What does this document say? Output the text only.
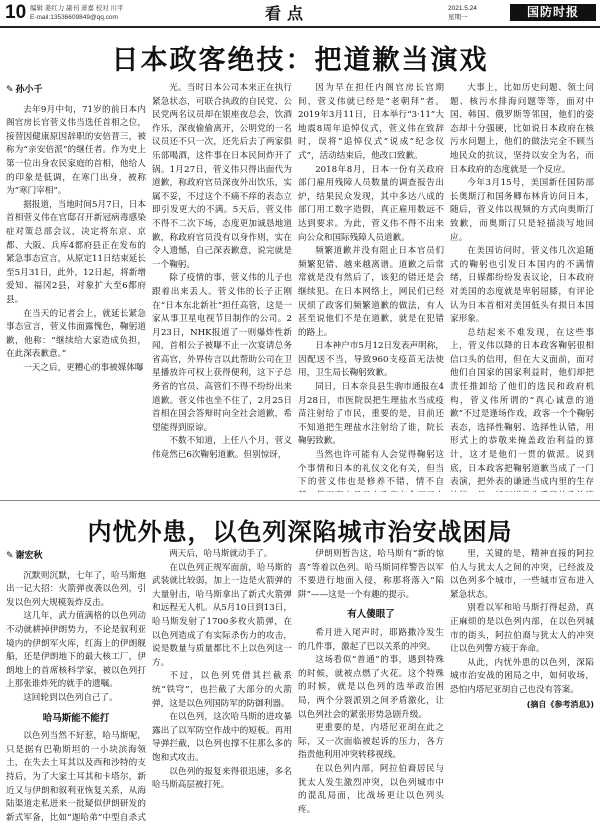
10 编辑 姜红力 副刊 萧嘉 校对 川平
E-mail:13536609849@qq.com	看点	2021.5.24
星期一	国防时报
日本政客绝技：把道歉当演戏

✎ 孙小千

去年9月中旬，71岁的前日本内阁官房长官菅义伟当选任首相之位，接替因健康原因辞职的安倍晋三，被称为“亲安倍派”的继任者。作为史上第一位出身农民家庭的首相，他给人的印象是低调，在寒门出身，被称为“寒门宰相”。

据报道，当地时间5月7日，日本首相菅义伟在官邸召开新冠病毒感染症对策总部会议，决定将东京、京都、大阪、兵库4都府县正在发布的紧急事态宣言，从原定11日结束延长至5月31日，此外，12日起，将新增爱知、福冈2县，对象扩大至6都府县。

在当天的记者会上，就延长紧急事态宣言，菅义伟面露愧色，鞠躬道歉，他称：“继续给大家造成负担，在此深表歉意。”

一天之后，更糟心的事被媒体曝

光。当时日本公司本来正在执行紧急状态，可联合执政的自民党、公民党两名议员却在银座夜总会，饮酒作乐，深夜偷偷离开，公明党的一名议员还不只一次，还先后去了两家俱乐部喝酒，这件事在日本民间炸开了锅。1月27日，菅义伟只得出面代为道歉，称政府官员深夜外出饮乐，实属不妥，不过这个不痛不痒的表态立即引发更大的不满。5天后，菅义伟不得不二次下场，态度更加诚恳地道歉，称政府官员没有以身作则，实在令人遗憾，自己深表歉意，说完就是一个鞠躬。

除了疫情的事，菅义伟的儿子也跟着出来丢人。菅义伟的长子正刚在“日本东北新社”担任高管，这是一家从事卫星电视节目制作的公司。2月23日，NHK报道了一则爆炸性新闻，首相公子被曝不止一次宴请总务省高官，外界传言以此帮助公司在卫星播放许可权上获得便利，这下子总务省的官员、高管们不得不纷纷出来道歉。菅义伟也坐不住了，2月25日首相在国会答辩时向全社会道歉，希望能得到原谅。

不数不知道，上任八个月，菅义伟竟然已6次鞠躬道歉。但别惊讶，

因为早在担任内阁官房长官期间，菅义伟就已经是“老朝拜”者。2019年3月11日，日本举行“3·11”大地震8周年追悼仪式，菅义伟在致辞时，误将“追悼仪式”说成“纪念仪式”，活动结束后，他改口致歉。

2018年8月，日本一份有关政府部门雇用残障人员数量的调查报告出炉，结果民众发现，其中多达八成的部门用工数字造假，真正雇用数远不达到要求。为此，菅义伟不得不出来向公众和国际残障人员道歉。

频繁道歉并没有阻止日本官员们频繁犯错、越来越离谱。道歉之后常常就是没有然后了，该犯的错还是会继续犯。在日本网络上，网民们已经厌烦了政客们频繁道歉的做法，有人甚至说他们不是在道歉，就是在犯错的路上。

日本神户市5月12日发表声明称，因配送不当，导致960支疫苗无法使用，卫生局长鞠躬致歉。

同日，日本奈良县生驹市通报在4月28日，市医院误把生理盐水当成疫苗注射给了市民，重要的是，目前还不知道把生理盐水注射给了谁，院长鞠躬致歉。

当然也许可能有人会觉得鞠躬这个事情和日本的礼仪文化有关，但当下的菅义伟也是修养不错，情不自

大事上，比如历史问题、领土问题、核污水排海问题等等，面对中国、韩国、俄罗斯等邻国，他们的姿态却十分强硬，比如说日本政府在核污水问题上，他们的做法完全不顾当地民众的抗议，坚持以安全为名，而日本政府的态度就是一个反应。

今年3月15号，美国新任国防部长奥斯汀和国务卿布林肯访问日本，随后，菅义伟以视频的方式向奥斯汀致歉，而奥斯汀只是轻描淡写地回应。

在美国访问时，菅义伟几次追随式的鞠躬也引发日本国内的不满情绪，日媒都纷纷发表议论，日本政府对美国的态度就是卑躬屈膝，有评论认为日本首相对美国低头有损日本国家形象。

总结起来不难发现，在这些事上，菅义伟以降的日本政客鞠躬很相信口头的信用，但在大义面前，面对他们自国家的国家利益时，他们却把责任推卸给了他们的选民和政府机构，菅义伟所谓的“真心诚意的道歉”不过是逢场作戏，政客一个个鞠躬表态，选择性鞠躬、选择性认错，用形式上的恭敬来掩盖政治利益的算计，这才是他们一贯的做派。说到底，日本政客把鞠躬道歉当成了一门表演，把外表的谦逊当成内里的生存

内忧外患，以色列深陷城市治安战困局

✎ 谢宏秋

沉默则沉默，七年了，哈马斯炮出一记大招：火箭弹夜袭以色列，引发以色列大规模轰炸反击。

这几年，武力值满格的以色列动不动就耕掉伊朗势力，不论是叙利亚境内的伊朗军火库，红海上的伊朗舰船，还是伊朗地下的最大核工厂，伊朗地上的首席核科学家，被以色列打上那张谁炸死的就手的遗嘱。

这回轮到以色列自己了。

哈马斯能不能打

以色列当然不好惹，哈马斯呢，只是据有巴勒斯坦的一小块滨海领土，在失去土耳其以及西和沙特的支持后，为了大家土耳其和卡塔尔，新近又与伊朗和叙利亚恢复关系，从海陆渠道走私进来一批疑似伊朗研发的新式军备，比如“迦哈弟”中型自杀式

两天后，哈马斯就动手了。

在以色列正规军面前，哈马斯的武装就比较弱，加上一边是火箭弹的大量射击，哈马斯拿出了新式火箭弹和远程无人机。从5月10日到13日，哈马斯发射了1700多枚火箭弹，在以色列造成了有实际杀伤力的攻击，说是数量与质量都比不上以色列这一方。

不过，以色列凭借其拦截系统“铁穹”，也拦截了大部分的火箭弹，这是以色列国防军的防御利器。

在以色列，这次哈马斯的进攻暴露出了以军防空作战中的短板。再用导弹拦截，以色列也撑不住那么多的饱和式攻击。

以色列的报复来得很迅速，多名哈马斯高层被打死。

伊朗则暂告这，哈马斯有“新的惊喜”等着以色列。哈马斯同样警告以军不要进行地面入侵，称那将落入“陷阱”——这是一个有趣的提示。

有人傻眼了

希月进入尾声时，耶路撒冷发生的几件事，激起了巴以关系的冲突。

这场看似“普通”的事，遇到特殊的时候，就被点燃了火花。这个特殊的时候，就是以色列的选举政治困局，两个分裂派别之间矛盾激化，让以色列社会的紧张形势急剧升级。

更重要的是，内塔尼亚胡在此之际，又一次面临被起诉的压力，各方指责他利用冲突转移视线。

在以色列内部，阿拉伯裔居民与犹太人发生激烈冲突，以色列城市中的混乱局面，比战场更让以色列头疼。

里，关键的是，精神直接的阿拉伯人与犹太人之间的冲突，已经波及以色列多个城市，一些城市宣布进入紧急状态。

别看以军和哈马斯打得起劲，真正麻烦的是以色列内部，在以色列城市的街头，阿拉伯裔与犹太人的冲突让以色列警方疲于奔命。

从此，内忧外患的以色列，深陷城市治安战的困局之中，如何收场，恐怕内塔尼亚胡自己也没有答案。

(摘自《参考消息》)
